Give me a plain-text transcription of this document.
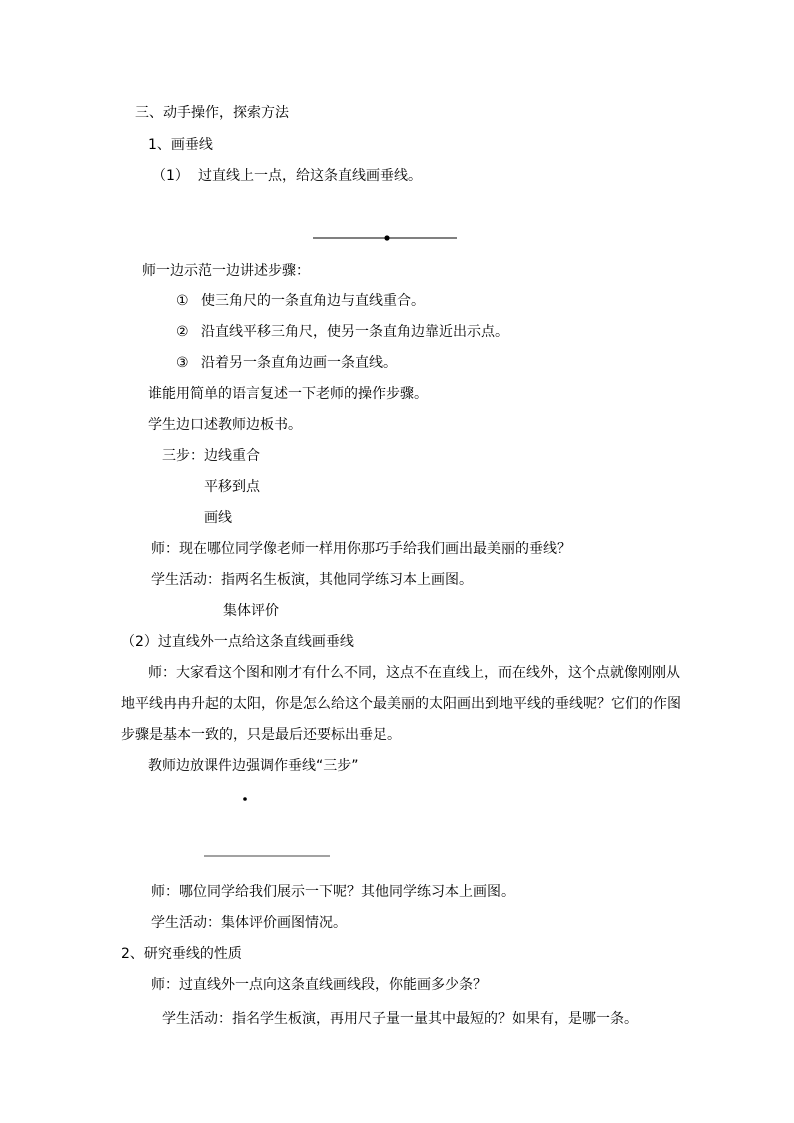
三、动手操作，探索方法
1、画垂线
（1） 过直线上一点，给这条直线画垂线。
师一边示范一边讲述步骤：
① 使三角尺的一条直角边与直线重合。
② 沿直线平移三角尺，使另一条直角边靠近出示点。
③ 沿着另一条直角边画一条直线。
谁能用简单的语言复述一下老师的操作步骤。
学生边口述教师边板书。
三步： 边线重合
平移到点
画线
师：现在哪位同学像老师一样用你那巧手给我们画出最美丽的垂线？
学生活动：指两名生板演，其他同学练习本上画图。
集体评价
（2）过直线外一点给这条直线画垂线
师：大家看这个图和刚才有什么不同，这点不在直线上，而在线外，这个点就像刚刚从
地平线冉冉升起的太阳，你是怎么给这个最美丽的太阳画出到地平线的垂线呢？它们的作图
步骤是基本一致的，只是最后还要标出垂足。
教师边放课件边强调作垂线“三步”
师：哪位同学给我们展示一下呢？其他同学练习本上画图。
学生活动：集体评价画图情况。
2、研究垂线的性质
师：过直线外一点向这条直线画线段，你能画多少条？
学生活动：指名学生板演，再用尺子量一量其中最短的？如果有，是哪一条。
